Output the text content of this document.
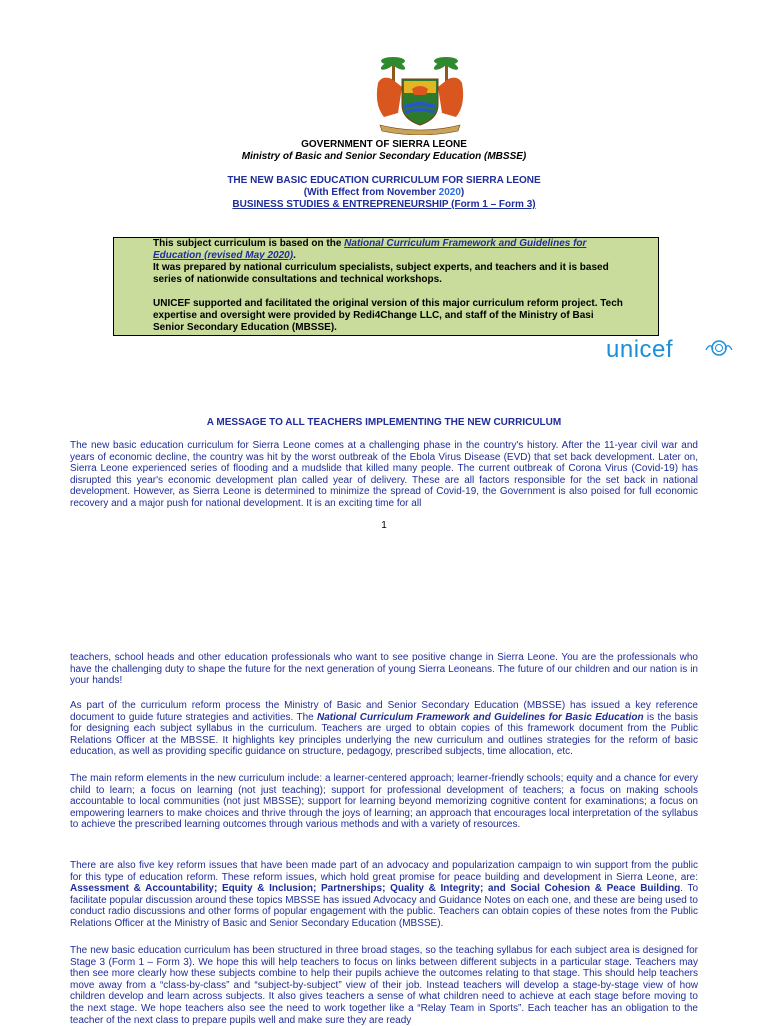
GOVERNMENT OF SIERRA LEONE
Ministry of Basic and Senior Secondary Education (MBSSE)
THE NEW BASIC EDUCATION CURRICULUM FOR SIERRA LEONE
(With Effect from November 2020)
BUSINESS STUDIES & ENTREPRENEURSHIP (Form 1 – Form 3)

This subject curriculum is based on the National Curriculum Framework and Guidelines for

Education (revised May 2020).

It was prepared by national curriculum specialists, subject experts, and teachers and it is based

series of nationwide consultations and technical workshops.

UNICEF supported and facilitated the original version of this major curriculum reform project. Tech

expertise and oversight were provided by Redi4Change LLC, and staff of the Ministry of Basi

Senior Secondary Education (MBSSE).

unicef
A MESSAGE TO ALL TEACHERS IMPLEMENTING THE NEW CURRICULUM

The new basic education curriculum for Sierra Leone comes at a challenging phase in the country's history. After the 11-year civil war and years of economic decline, the country was hit by the worst outbreak of the Ebola Virus Disease (EVD) that set back development. Later on, Sierra Leone experienced series of flooding and a mudslide that killed many people. The current outbreak of Corona Virus (Covid-19) has disrupted this year's economic development plan called year of delivery. These are all factors responsible for the set back in national development. However, as Sierra Leone is determined to minimize the spread of Covid-19, the Government is also poised for full economic recovery and a major push for national development. It is an exciting time for all

1

teachers, school heads and other education professionals who want to see positive change in Sierra Leone. You are the professionals who have the challenging duty to shape the future for the next generation of young Sierra Leoneans. The future of our children and our nation is in your hands!

As part of the curriculum reform process the Ministry of Basic and Senior Secondary Education (MBSSE) has issued a key reference document to guide future strategies and activities. The National Curriculum Framework and Guidelines for Basic Education is the basis for designing each subject syllabus in the curriculum. Teachers are urged to obtain copies of this framework document from the Public Relations Officer at the MBSSE. It highlights key principles underlying the new curriculum and outlines strategies for the reform of basic education, as well as providing specific guidance on structure, pedagogy, prescribed subjects, time allocation, etc.

The main reform elements in the new curriculum include: a learner-centered approach; learner-friendly schools; equity and a chance for every child to learn; a focus on learning (not just teaching); support for professional development of teachers; a focus on making schools accountable to local communities (not just MBSSE); support for learning beyond memorizing cognitive content for examinations; a focus on empowering learners to make choices and thrive through the joys of learning; an approach that encourages local interpretation of the syllabus to achieve the prescribed learning outcomes through various methods and with a variety of resources.

There are also five key reform issues that have been made part of an advocacy and popularization campaign to win support from the public for this type of education reform. These reform issues, which hold great promise for peace building and development in Sierra Leone, are: Assessment & Accountability; Equity & Inclusion; Partnerships; Quality & Integrity; and Social Cohesion & Peace Building. To facilitate popular discussion around these topics MBSSE has issued Advocacy and Guidance Notes on each one, and these are being used to conduct radio discussions and other forms of popular engagement with the public. Teachers can obtain copies of these notes from the Public Relations Officer at the Ministry of Basic and Senior Secondary Education (MBSSE).

The new basic education curriculum has been structured in three broad stages, so the teaching syllabus for each subject area is designed for Stage 3 (Form 1 – Form 3). We hope this will help teachers to focus on links between different subjects in a particular stage. Teachers may then see more clearly how these subjects combine to help their pupils achieve the outcomes relating to that stage. This should help teachers move away from a “class-by-class” and “subject-by-subject” view of their job. Instead teachers will develop a stage-by-stage view of how children develop and learn across subjects. It also gives teachers a sense of what children need to achieve at each stage before moving to the next stage. We hope teachers also see the need to work together like a “Relay Team in Sports”. Each teacher has an obligation to the teacher of the next class to prepare pupils well and make sure they are ready
